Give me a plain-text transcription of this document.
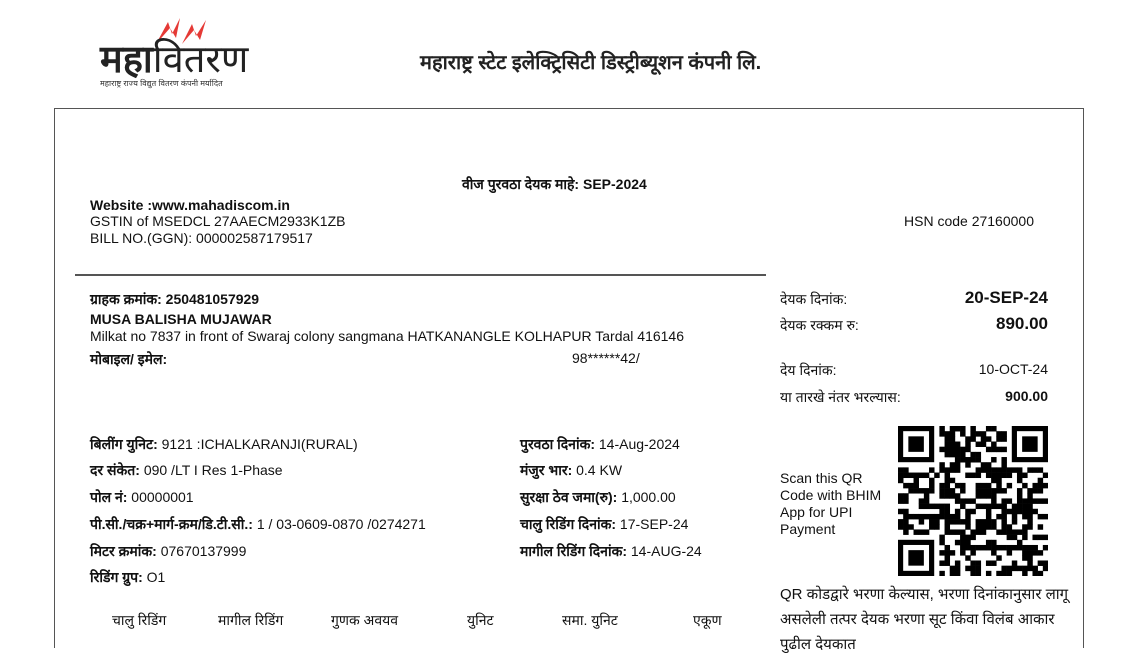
महावितरण
महाराष्ट्र राज्य विद्युत वितरण कंपनी मर्यादित
महाराष्ट्र स्टेट इलेक्ट्रिसिटी डिस्ट्रीब्यूशन कंपनी लि.
वीज पुरवठा देयक माहे: SEP-2024
Website :www.mahadiscom.in
GSTIN of MSEDCL 27AAECM2933K1ZB
BILL NO.(GGN): 000002587179517
HSN code 27160000
ग्राहक क्रमांक: 250481057929
MUSA BALISHA MUJAWAR
Milkat no 7837 in front of Swaraj colony sangmana HATKANANGLE KOLHAPUR Tardal 416146
मोबाइल/ इमेल:	98******42/
देयक दिनांक:	20-SEP-24
देयक रक्कम रु:	890.00
देय दिनांक:	10-OCT-24
या तारखे नंतर भरल्यास:	900.00
बिलींग युनिट: 9121 :ICHALKARANJI(RURAL)
दर संकेत: 090 /LT I Res 1-Phase
पोल नं: 00000001
पी.सी./चक्र+मार्ग-क्रम/डि.टी.सी.: 1 / 03-0609-0870 /0274271
मिटर क्रमांक: 07670137999
रिडिंग ग्रुप: O1
पुरवठा दिनांक: 14-Aug-2024
मंजुर भार: 0.4 KW
सुरक्षा ठेव जमा(रु): 1,000.00
चालु रिडिंग दिनांक: 17-SEP-24
मागील रिडिंग दिनांक: 14-AUG-24
Scan this QR Code with BHIM App for UPI Payment
QR कोडद्वारे भरणा केल्यास, भरणा दिनांकानुसार लागू असलेली तत्पर देयक भरणा सूट किंवा विलंब आकार पुढील देयकात
चालु रिडिंग	मागील रिडिंग	गुणक अवयव	युनिट	समा. युनिट	एकूण
